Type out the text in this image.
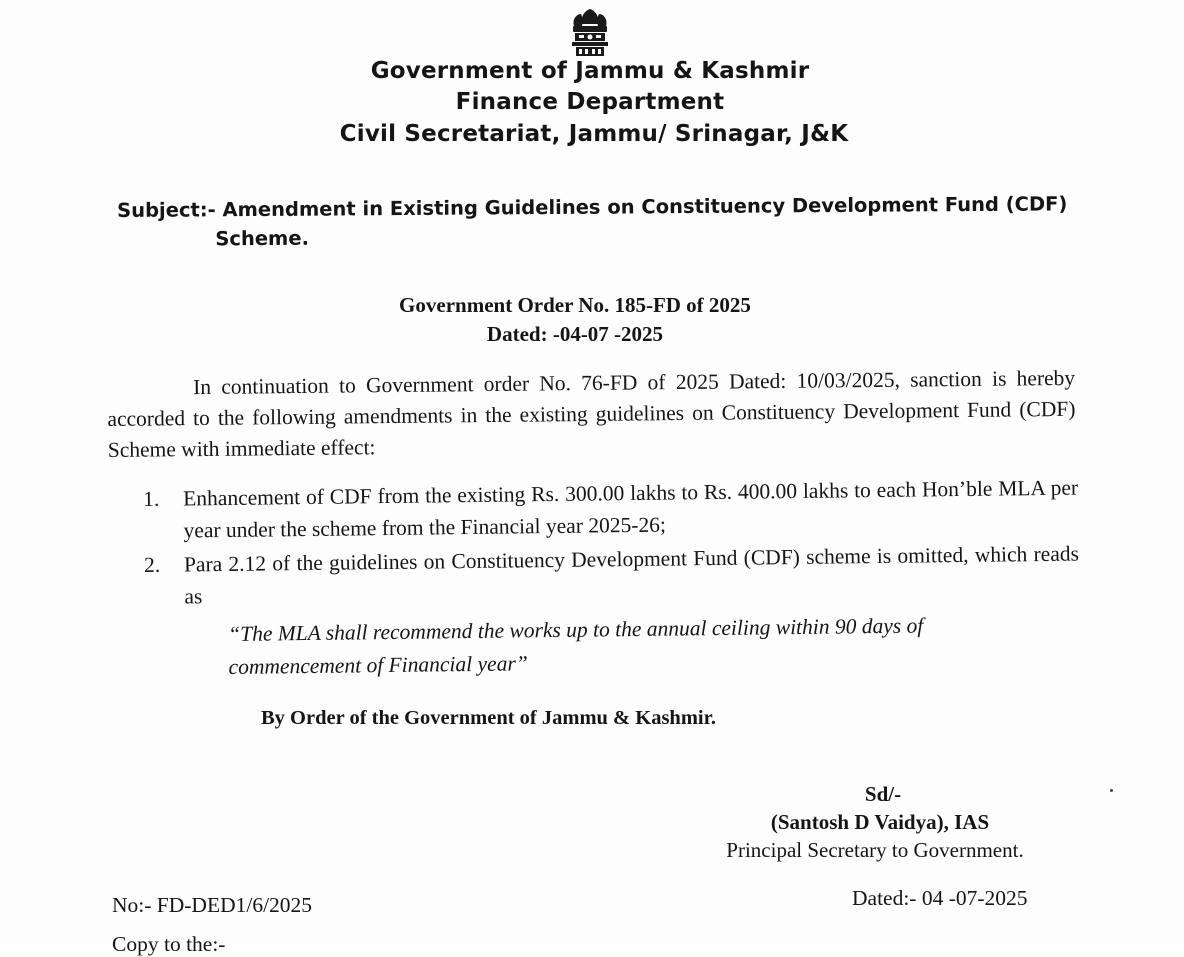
Government of Jammu & Kashmir
Finance Department
Civil Secretariat, Jammu/ Srinagar, J&K
Subject:- Amendment in Existing Guidelines on Constituency Development Fund (CDF)
Scheme.
Government Order No. 185-FD of 2025
Dated: -04-07 -2025
In continuation to Government order No. 76-FD of 2025 Dated: 10/03/2025, sanction is hereby accorded to the following amendments in the existing guidelines on Constituency Development Fund (CDF) Scheme with immediate effect:
1.	Enhancement of CDF from the existing Rs. 300.00 lakhs to Rs. 400.00 lakhs to each Hon’ble MLA per year under the scheme from the Financial year 2025-26;
2.	Para 2.12 of the guidelines on Constituency Development Fund (CDF) scheme is omitted, which reads as
“The MLA shall recommend the works up to the annual ceiling within 90 days of
commencement of Financial year”
By Order of the Government of Jammu & Kashmir.
Sd/-
(Santosh D Vaidya), IAS
Principal Secretary to Government.
No:- FD-DED1/6/2025	Dated:- 04 -07-2025
Copy to the:-
